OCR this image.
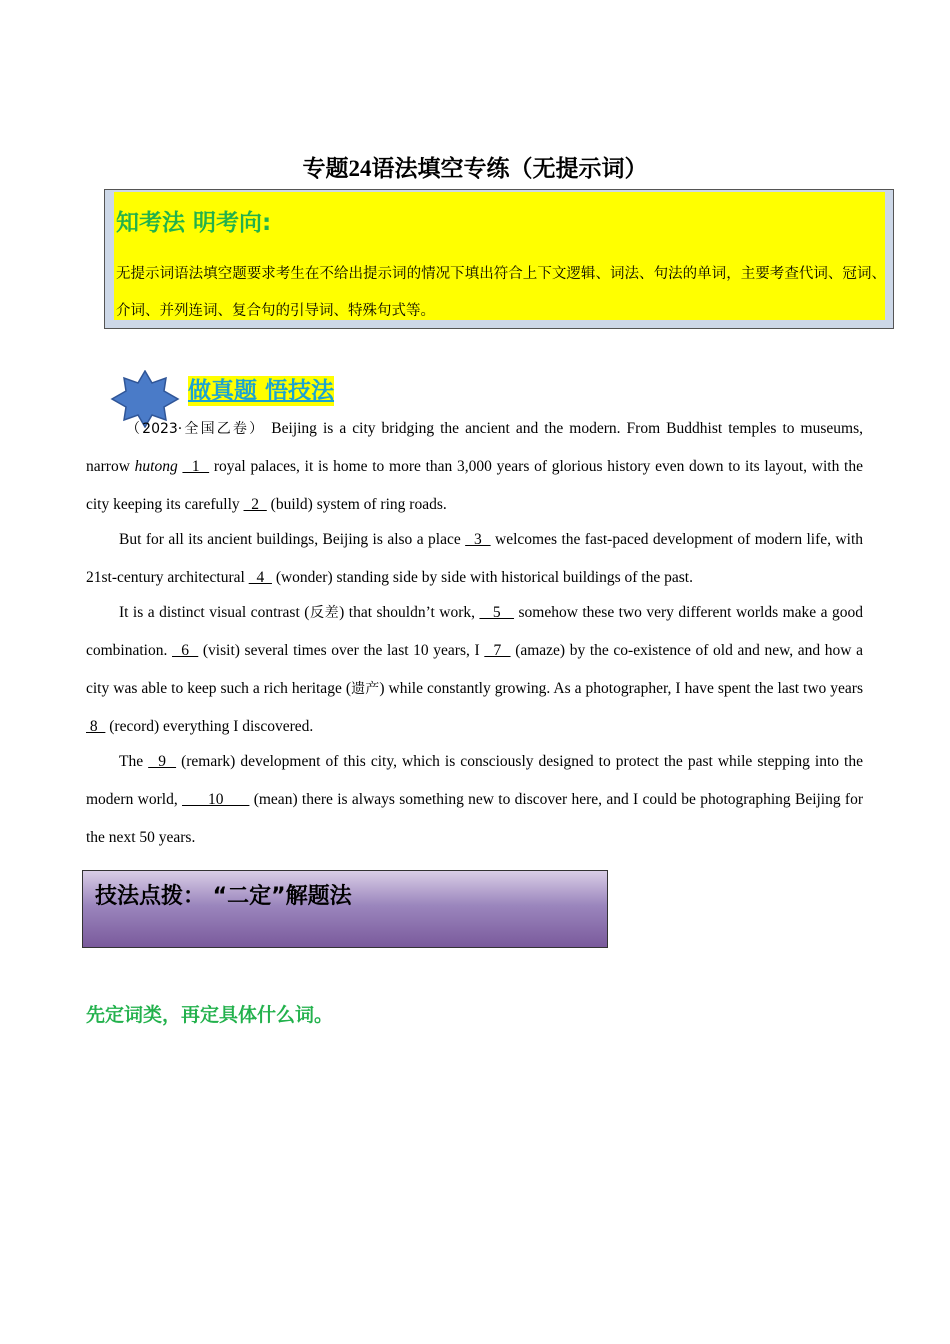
专题24语法填空专练（无提示词）
知考法 明考向:
无提示词语法填空题要求考生在不给出提示词的情况下填出符合上下文逻辑、词法、句法的单词，主要考查代词、冠词、介词、并列连词、复合句的引导词、特殊句式等。
做真题 悟技法

（2023·全国乙卷） Beijing is a city bridging the ancient and the modern. From Buddhist temples to museums, narrow hutong   1   royal palaces, it is home to more than 3,000 years of glorious history even down to its layout, with the city keeping its carefully   2   (build) system of ring roads.

But for all its ancient buildings, Beijing is also a place   3   welcomes the fast-paced development of modern life, with 21st-century architectural   4   (wonder) standing side by side with historical buildings of the past.

It is a distinct visual contrast (反差) that shouldn’t work,    5    somehow these two very different worlds make a good combination.   6   (visit) several times over the last 10 years, I   7   (amaze) by the co-existence of old and new, and how a city was able to keep such a rich heritage (遗产) while constantly growing. As a photographer, I have spent the last two years  8   (record) everything I discovered.

The   9   (remark) development of this city, which is consciously designed to protect the past while stepping into the modern world,       10       (mean) there is always something new to discover here, and I could be photographing Beijing for the next 50 years.

技法点拨： “二定”解题法
先定词类，再定具体什么词。
